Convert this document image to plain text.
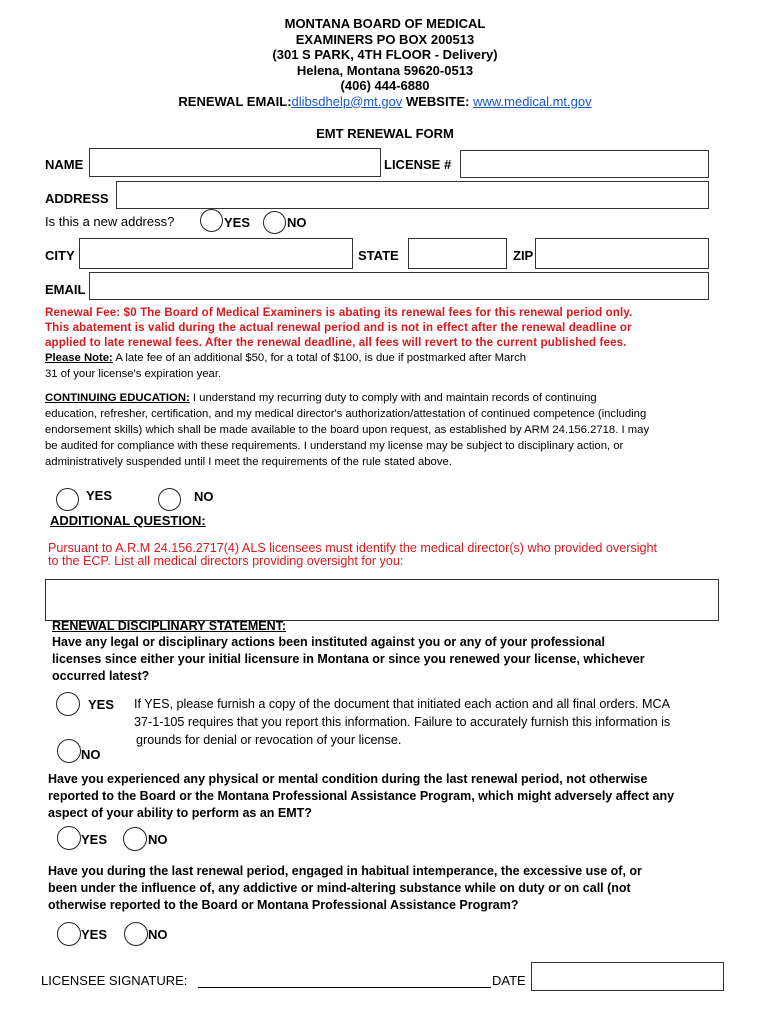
MONTANA BOARD OF MEDICAL
EXAMINERS PO BOX 200513
(301 S PARK, 4TH FLOOR - Delivery)
Helena, Montana 59620-0513
(406) 444-6880
RENEWAL EMAIL:dlibsdhelp@mt.gov WEBSITE: www.medical.mt.gov
EMT RENEWAL FORM
NAME	LICENSE #
ADDRESS
Is this a new address?	YES	NO
CITY	STATE	ZIP
EMAIL
Renewal Fee: $0 The Board of Medical Examiners is abating its renewal fees for this renewal period only.
This abatement is valid during the actual renewal period and is not in effect after the renewal deadline or
applied to late renewal fees. After the renewal deadline, all fees will revert to the current published fees.
Please Note: A late fee of an additional $50, for a total of $100, is due if postmarked after March
31 of your license's expiration year.
CONTINUING EDUCATION: I understand my recurring duty to comply with and maintain records of continuing
education, refresher, certification, and my medical director's authorization/attestation of continued competence (including
endorsement skills) which shall be made available to the board upon request, as established by ARM 24.156.2718. I may
be audited for compliance with these requirements. I understand my license may be subject to disciplinary action, or
administratively suspended until I meet the requirements of the rule stated above.
YES	NO
ADDITIONAL QUESTION:
Pursuant to A.R.M 24.156.2717(4) ALS licensees must identify the medical director(s) who provided oversight
to the ECP. List all medical directors providing oversight for you:
RENEWAL DISCIPLINARY STATEMENT:
Have any legal or disciplinary actions been instituted against you or any of your professional
licenses since either your initial licensure in Montana or since you renewed your license, whichever
occurred latest?
YES If YES, please furnish a copy of the document that initiated each action and all final orders. MCA
37-1-105 requires that you report this information. Failure to accurately furnish this information is
grounds for denial or revocation of your license.
NO
Have you experienced any physical or mental condition during the last renewal period, not otherwise
reported to the Board or the Montana Professional Assistance Program, which might adversely affect any
aspect of your ability to perform as an EMT?
YES	NO
Have you during the last renewal period, engaged in habitual intemperance, the excessive use of, or
been under the influence of, any addictive or mind-altering substance while on duty or on call (not
otherwise reported to the Board or Montana Professional Assistance Program?
YES	NO
LICENSEE SIGNATURE:	DATE
